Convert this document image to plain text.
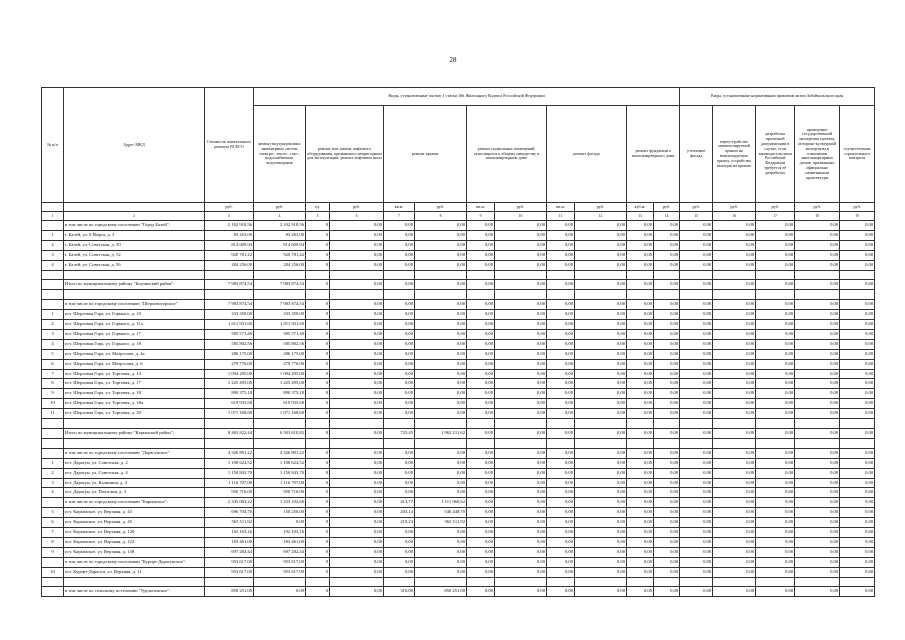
28
№ п/п	Адрес МКД	Стоимость капитального ремонта ВСЕГО	Виды, установленные частью 1 статьи 166 Жилищного Кодекса Российской Федерации											Виды, установленные нормативным правовым актом Забайкальского края				
			ремонт внутридомовых инженерных систем электро-, тепло-, газо-, водоснабжения, водоотведения	ремонт или замена лифтового оборудования, признанного непригодным для эксплуатации, ремонт лифтовых шахт		ремонт крыши		ремонт подвальных помещений, относящихся к общему имуществу в многоквартирном доме		ремонт фасада		ремонт фундамента многоквартирного дома		утепление фасада	переустройство невентилируемой крыши на вентилируемую крышу, устройство выходов на кровлю	разработка проектной документации в случае, если законодательством Российской Федерации требуется её разработка	проведение государственной экспертизы проекта, историко-культурной экспертизы в отношении многоквартирных домов, признанных официально памятниками архитектуры	осуществление строительного контроля
		руб.	руб.	ед.	руб.	кв.м.	руб.	кв.м.	руб.	кв.м.	руб.	куб.м.	руб.	руб.	руб.	руб.	руб.	руб.
1	2	3	4	5	6	7	8	9	10	11	12	13	14	15	16	17	18	19
	в том числе по городскому поселению "Город Балей":	2 102 918,56	2 102 918,56	0	0,00	0,00	0,00	0,00	0,00	0,00	0,00	0,00	0,00	0,00	0,00	0,00	0,00	0,00
1	г. Балей, ул. 8 Марта, д. 3	83 263,00	83 263,00	0	0,00	0,00	0,00	0,00	0,00	0,00	0,00	0,00	0,00	0,00	0,00	0,00	0,00	0,00
2	г. Балей, ул. Советская, д. 50	814 609,94	814 609,94	0	0,00	0,00	0,00	0,00	0,00	0,00	0,00	0,00	0,00	0,00	0,00	0,00	0,00	0,00
3	г. Балей, ул. Советская, д. 52	920 781,42	920 781,42	0	0,00	0,00	0,00	0,00	0,00	0,00	0,00	0,00	0,00	0,00	0,00	0,00	0,00	0,00
4	г. Балей, ул. Советская, д. 56	284 256,00	284 256,00	0	0,00	0,00	0,00	0,00	0,00	0,00	0,00	0,00	0,00	0,00	0,00	0,00	0,00	0,00

	Итого по муниципальному району "Борзинский район":	7 983 874,54	7 983 874,54	0	0,00	0,00	0,00	0,00	0,00	0,00	0,00	0,00	0,00	0,00	0,00	0,00	0,00	0,00

	в том числе по городскому поселению "Шерловогорское":	7 983 874,54	7 983 874,54	0	0,00	0,00	0,00	0,00	0,00	0,00	0,00	0,00	0,00	0,00	0,00	0,00	0,00	0,00
1	пгт. Шерловая Гора, ул. Горького, д. 10	333 350,00	333 350,00	0	0,00	0,00	0,00	0,00	0,00	0,00	0,00	0,00	0,00	0,00	0,00	0,00	0,00	0,00
2	пгт. Шерловая Гора, ул. Горького, д. 11а	1 011 931,60	1 011 931,60	0	0,00	0,00	0,00	0,00	0,00	0,00	0,00	0,00	0,00	0,00	0,00	0,00	0,00	0,00
3	пгт. Шерловая Гора, ул. Горького, д. 17	585 571,49	585 571,49	0	0,00	0,00	0,00	0,00	0,00	0,00	0,00	0,00	0,00	0,00	0,00	0,00	0,00	0,00
4	пгт. Шерловая Гора, ул. Горького, д. 18	585 802,56	585 802,56	0	0,00	0,00	0,00	0,00	0,00	0,00	0,00	0,00	0,00	0,00	0,00	0,00	0,00	0,00
5	пгт. Шерловая Гора, ул. Матросова, д. 4а	286 175,00	286 175,00	0	0,00	0,00	0,00	0,00	0,00	0,00	0,00	0,00	0,00	0,00	0,00	0,00	0,00	0,00
6	пгт. Шерловая Гора, ул. Матросова, д. 6	279 776,00	279 776,00	0	0,00	0,00	0,00	0,00	0,00	0,00	0,00	0,00	0,00	0,00	0,00	0,00	0,00	0,00
7	пгт. Шерловая Гора, ул. Торговая, д. 14	1 094 295,00	1 094 295,00	0	0,00	0,00	0,00	0,00	0,00	0,00	0,00	0,00	0,00	0,00	0,00	0,00	0,00	0,00
8	пгт. Шерловая Гора, ул. Торговая, д. 17	1 225 495,00	1 225 495,00	0	0,00	0,00	0,00	0,00	0,00	0,00	0,00	0,00	0,00	0,00	0,00	0,00	0,00	0,00
9	пгт. Шерловая Гора, ул. Торговая, д. 18	890 375,18	890 375,18	0	0,00	0,00	0,00	0,00	0,00	0,00	0,00	0,00	0,00	0,00	0,00	0,00	0,00	0,00
10	пгт. Шерловая Гора, ул. Торговая, д. 18а	619 935,68	619 935,68	0	0,00	0,00	0,00	0,00	0,00	0,00	0,00	0,00	0,00	0,00	0,00	0,00	0,00	0,00
11	пгт. Шерловая Гора, ул. Торговая, д. 20	1 071 168,60	1 071 168,60	0	0,00	0,00	0,00	0,00	0,00	0,00	0,00	0,00	0,00	0,00	0,00	0,00	0,00	0,00

	Итого по муниципальному району "Карымский район":	8 465 822,44	6 503 610,82	0	0,00	725,45	1 962 211,62	0,00	0,00	0,00	0,00	0,00	0,00	0,00	0,00	0,00	0,00	0,00

	в том числе по городскому поселению "Дарасунское":	4 326 891,22	4 326 891,22	0	0,00	0,00	0,00	0,00	0,00	0,00	0,00	0,00	0,00	0,00	0,00	0,00	0,00	0,00
1	пгт. Дарасун, ул. Советская, д. 2	1 108 624,52	1 108 624,52	0	0,00	0,00	0,00	0,00	0,00	0,00	0,00	0,00	0,00	0,00	0,00	0,00	0,00	0,00
2	пгт. Дарасун, ул. Советская, д. 4	1 150 843,70	1 150 843,70	0	0,00	0,00	0,00	0,00	0,00	0,00	0,00	0,00	0,00	0,00	0,00	0,00	0,00	0,00
3	пгт. Дарасун, ул. Калинина, д. 4	1 116 707,00	1 116 707,00	0	0,00	0,00	0,00	0,00	0,00	0,00	0,00	0,00	0,00	0,00	0,00	0,00	0,00	0,00
4	пгт. Дарасун, ул. Почтовая, д. 3	950 716,00	950 716,00	0	0,00	0,00	0,00	0,00	0,00	0,00	0,00	0,00	0,00	0,00	0,00	0,00	0,00	0,00
	в том числе по городскому поселению "Карымское":	2 335 063,22	1 223 102,60	0	0,00	413,77	1 111 960,62	0,00	0,00	0,00	0,00	0,00	0,00	0,00	0,00	0,00	0,00	0,00
5	пгт. Карымское, ул. Верхняя, д. 43	696 704,70	150 256,00	0	0,00	203,14	546 448,70	0,00	0,00	0,00	0,00	0,00	0,00	0,00	0,00	0,00	0,00	0,00
6	пгт. Карымское, ул. Верхняя, д. 45	565 511,92	0,00	0	0,00	210,23	565 511,92	0,00	0,00	0,00	0,00	0,00	0,00	0,00	0,00	0,00	0,00	0,00
7	пгт. Карымское, ул. Верхняя, д. 120	192 103,16	192 103,16	0	0,00	0,00	0,00	0,00	0,00	0,00	0,00	0,00	0,00	0,00	0,00	0,00	0,00	0,00
8	пгт. Карымское, ул. Верхняя, д. 122	183 461,00	183 461,00	0	0,00	0,00	0,00	0,00	0,00	0,00	0,00	0,00	0,00	0,00	0,00	0,00	0,00	0,00
9	пгт. Карымское, ул. Верхняя, д. 138	697 282,44	697 282,44	0	0,00	0,00	0,00	0,00	0,00	0,00	0,00	0,00	0,00	0,00	0,00	0,00	0,00	0,00
	в том числе по городскому поселению "Курорт-Дарасунское":	953 617,00	953 617,00	0	0,00	0,00	0,00	0,00	0,00	0,00	0,00	0,00	0,00	0,00	0,00	0,00	0,00	0,00
10	пгт. Курорт-Дарасун, ул. Верхняя, д. 11	953 617,00	953 617,00	0	0,00	0,00	0,00	0,00	0,00	0,00	0,00	0,00	0,00	0,00	0,00	0,00	0,00	0,00

	в том числе по сельскому поселению "Урульгинское":	850 251,00	0,00	0	0,00	316,00	850 251,00	0,00	0,00	0,00	0,00	0,00	0,00	0,00	0,00	0,00	0,00	0,00
